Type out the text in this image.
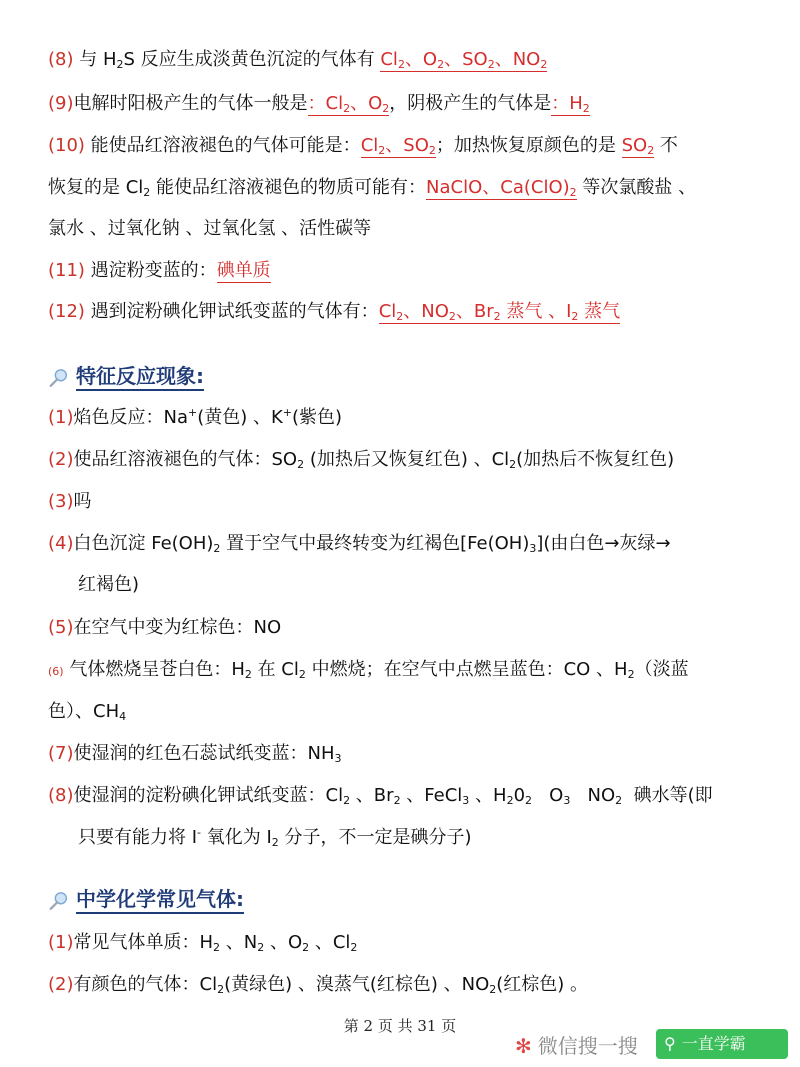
(8) 与 $H_2S$ 反应生成淡黄色沉淀的气体有 $Cl_2$、$O_2$、$SO_2$、$NO_2$
(9)电解时阳极产生的气体一般是：$Cl_2$、$O_2$，阴极产生的气体是：$H_2$
(10) 能使品红溶液褪色的气体可能是：$Cl_2$、$SO_2$；加热恢复原颜色的是 $SO_2$ 不
恢复的是 $Cl_2$ 能使品红溶液褪色的物质可能有：NaClO、$Ca(ClO)_2$ 等次氯酸盐 、
氯水 、过氧化钠 、过氧化氢 、活性碳等
(11) 遇淀粉变蓝的：碘单质
(12) 遇到淀粉碘化钾试纸变蓝的气体有：$Cl_2$、$NO_2$、$Br_2$ 蒸气 、$I_2$ 蒸气
特征反应现象:
(1)焰色反应：Na+(黄色) 、K+(紫色)
(2)使品红溶液褪色的气体：$SO_2$ (加热后又恢复红色) 、$Cl_2$(加热后不恢复红色)
(3)吗
(4)白色沉淀 $Fe(OH)_2$ 置于空气中最终转变为红褐色$[Fe(OH)_3]$(由白色→灰绿→
红褐色)
(5)在空气中变为红棕色：NO
(6) 气体燃烧呈苍白色：$H_2$ 在 $Cl_2$ 中燃烧；在空气中点燃呈蓝色：CO 、$H_2$（淡蓝
色）、$CH_4$
(7)使湿润的红色石蕊试纸变蓝：$NH_3$
(8)使湿润的淀粉碘化钾试纸变蓝：$Cl_2$ 、$Br_2$ 、FeCl$_3$ 、$H_20_2$   $O_3$   $NO_2$  碘水等(即
只要有能力将 I- 氧化为 $I_2$ 分子，不一定是碘分子)
中学化学常见气体:
(1)常见气体单质：$H_2$ 、$N_2$ 、$O_2$ 、$Cl_2$
(2)有颜色的气体：$Cl_2$(黄绿色) 、溴蒸气(红棕色) 、$NO_2$(红棕色) 。
第 2 页 共 31 页
✻ 微信搜一搜	⚲ 一直学霸
